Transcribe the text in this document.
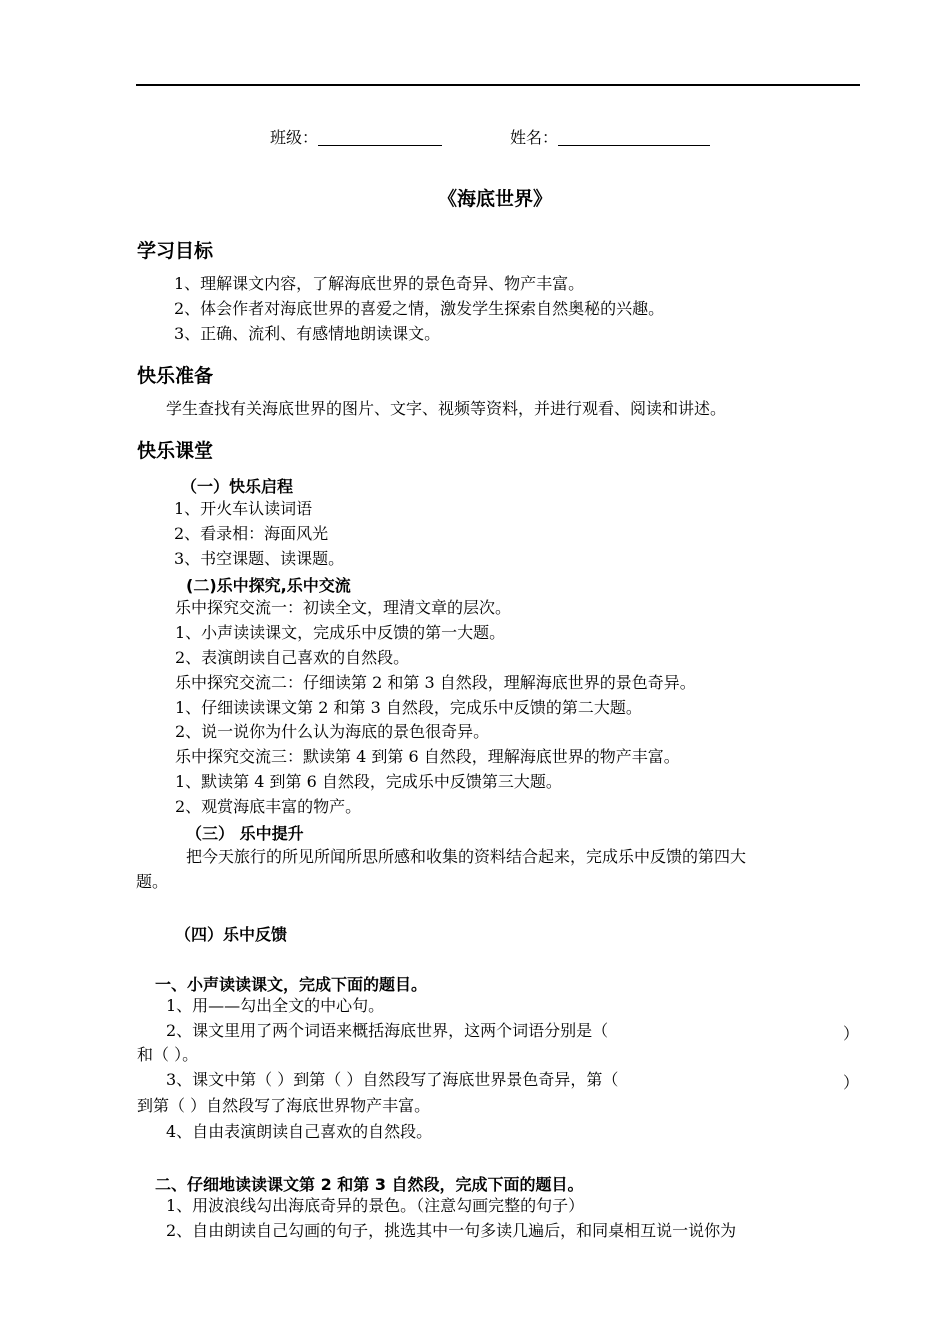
班级：	姓名：
《海底世界》
学习目标
1、理解课文内容，了解海底世界的景色奇异、物产丰富。
2、体会作者对海底世界的喜爱之情，激发学生探索自然奥秘的兴趣。
3、正确、流利、有感情地朗读课文。
快乐准备
学生查找有关海底世界的图片、文字、视频等资料，并进行观看、阅读和讲述。
快乐课堂
（一）快乐启程
1、开火车认读词语
2、看录相：海面风光
3、书空课题、读课题。
(二)乐中探究,乐中交流
乐中探究交流一：初读全文，理清文章的层次。
1、小声读读课文，完成乐中反馈的第一大题。
2、表演朗读自己喜欢的自然段。
乐中探究交流二：仔细读第 2 和第 3 自然段，理解海底世界的景色奇异。
1、仔细读读课文第 2 和第 3 自然段，完成乐中反馈的第二大题。
2、说一说你为什么认为海底的景色很奇异。
乐中探究交流三：默读第 4 到第 6 自然段，理解海底世界的物产丰富。
1、默读第 4 到第 6 自然段，完成乐中反馈第三大题。
2、观赏海底丰富的物产。
（三） 乐中提升
把今天旅行的所见所闻所思所感和收集的资料结合起来，完成乐中反馈的第四大
题。
（四）乐中反馈
一、小声读读课文，完成下面的题目。
1、用——勾出全文的中心句。
2、课文里用了两个词语来概括海底世界，这两个词语分别是（	）
和（ ）。
3、课文中第（ ）到第（ ）自然段写了海底世界景色奇异，第（	）
到第（ ）自然段写了海底世界物产丰富。
4、自由表演朗读自己喜欢的自然段。
二、仔细地读读课文第 2 和第 3 自然段，完成下面的题目。
1、用波浪线勾出海底奇异的景色。（注意勾画完整的句子）
2、自由朗读自己勾画的句子，挑选其中一句多读几遍后，和同桌相互说一说你为
